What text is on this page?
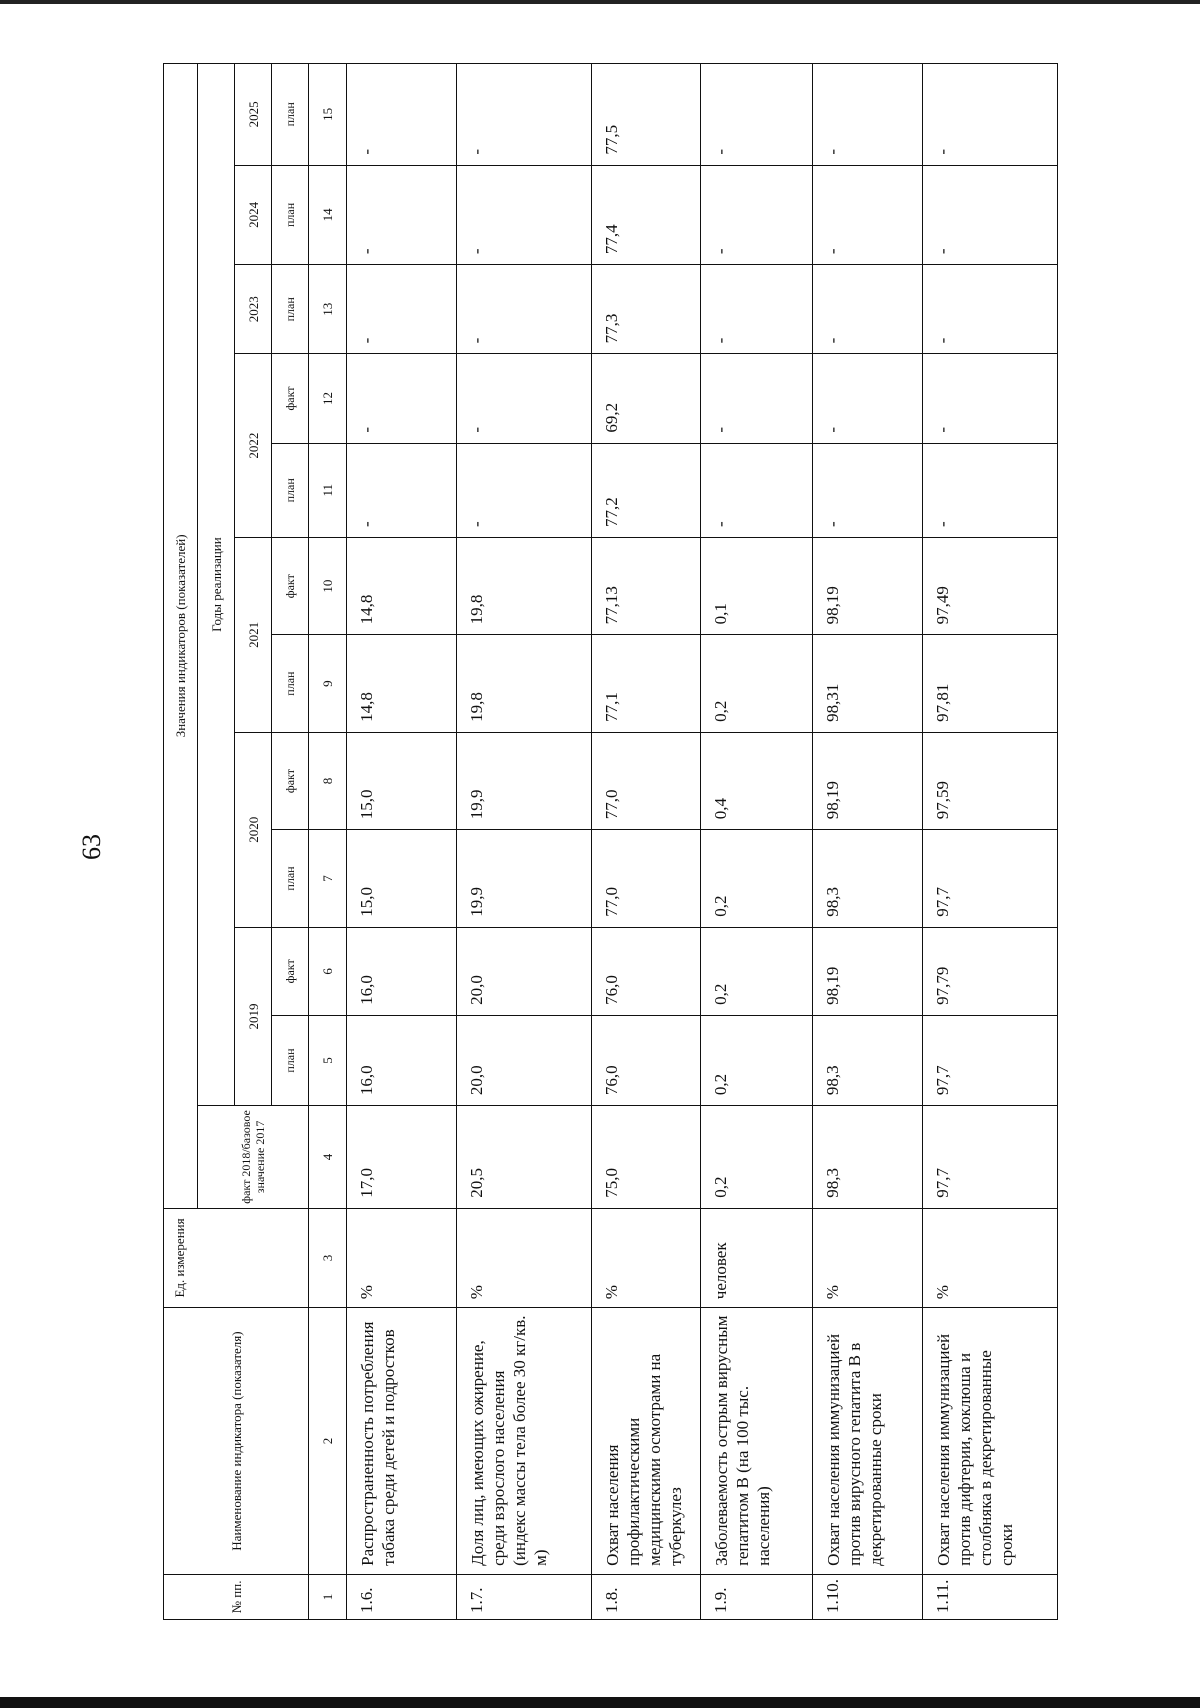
63
№ пп.	Наименование индикатора (показателя)	Ед. измерения	Значения индикаторов (показателей)											
			факт 2018/базовое значение 2017	Годы реализации										
				2019		2020		2021		2022		2023	2024	2025
				план	факт	план	факт	план	факт	план	факт	план	план	план
1	2	3	4	5	6	7	8	9	10	11	12	13	14	15
1.6.	Распространенность потребления табака среди детей и подростков	%	17,0	16,0	16,0	15,0	15,0	14,8	14,8	-	-	-	-	-
1.7.	Доля лиц, имеющих ожирение, среди взрослого населения (индекс массы тела более 30 кг/кв. м)	%	20,5	20,0	20,0	19,9	19,9	19,8	19,8	-	-	-	-	-
1.8.	Охват населения профилактическими медицинскими осмотрами на туберкулез	%	75,0	76,0	76,0	77,0	77,0	77,1	77,13	77,2	69,2	77,3	77,4	77,5
1.9.	Заболеваемость острым вирусным гепатитом В (на 100 тыс. населения)	человек	0,2	0,2	0,2	0,2	0,4	0,2	0,1	-	-	-	-	-
1.10.	Охват населения иммунизацией против вирусного гепатита В в декретированные сроки	%	98,3	98,3	98,19	98,3	98,19	98,31	98,19	-	-	-	-	-
1.11.	Охват населения иммунизацией против дифтерии, коклюша и столбняка в декретированные сроки	%	97,7	97,7	97,79	97,7	97,59	97,81	97,49	-	-	-	-	-
